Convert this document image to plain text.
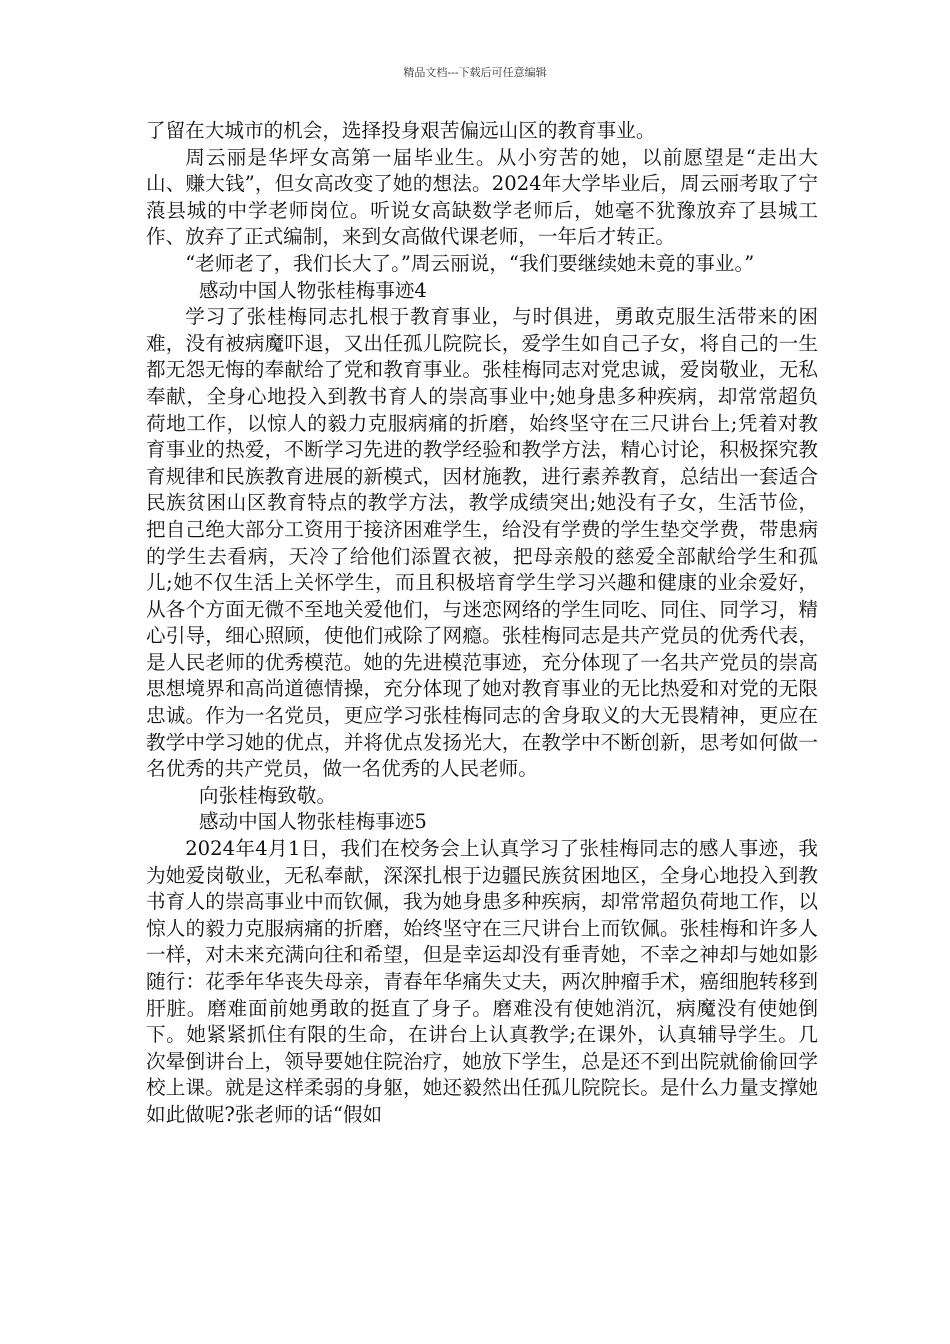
精品文档---下载后可任意编辑

了留在大城市的机会，选择投身艰苦偏远山区的教育事业。

周云丽是华坪女高第一届毕业生。从小穷苦的她，以前愿望是“走出大山、赚大钱”，但女高改变了她的想法。2024年大学毕业后，周云丽考取了宁蒗县城的中学老师岗位。听说女高缺数学老师后，她毫不犹豫放弃了县城工作、放弃了正式编制，来到女高做代课老师，一年后才转正。

“老师老了，我们长大了。”周云丽说，“我们要继续她未竟的事业。”

感动中国人物张桂梅事迹4

学习了张桂梅同志扎根于教育事业，与时俱进，勇敢克服生活带来的困难，没有被病魔吓退，又出任孤儿院院长，爱学生如自己子女，将自己的一生都无怨无悔的奉献给了党和教育事业。张桂梅同志对党忠诚，爱岗敬业，无私奉献，全身心地投入到教书育人的崇高事业中;她身患多种疾病，却常常超负荷地工作，以惊人的毅力克服病痛的折磨，始终坚守在三尺讲台上;凭着对教育事业的热爱，不断学习先进的教学经验和教学方法，精心讨论，积极探究教育规律和民族教育进展的新模式，因材施教，进行素养教育，总结出一套适合民族贫困山区教育特点的教学方法，教学成绩突出;她没有子女，生活节俭，把自己绝大部分工资用于接济困难学生，给没有学费的学生垫交学费，带患病的学生去看病，天冷了给他们添置衣被，把母亲般的慈爱全部献给学生和孤儿;她不仅生活上关怀学生，而且积极培育学生学习兴趣和健康的业余爱好，从各个方面无微不至地关爱他们，与迷恋网络的学生同吃、同住、同学习，精心引导，细心照顾，使他们戒除了网瘾。张桂梅同志是共产党员的优秀代表，是人民老师的优秀模范。她的先进模范事迹，充分体现了一名共产党员的崇高思想境界和高尚道德情操，充分体现了她对教育事业的无比热爱和对党的无限忠诚。作为一名党员，更应学习张桂梅同志的舍身取义的大无畏精神，更应在教学中学习她的优点，并将优点发扬光大，在教学中不断创新，思考如何做一名优秀的共产党员，做一名优秀的人民老师。

向张桂梅致敬。

感动中国人物张桂梅事迹5

2024年4月1日，我们在校务会上认真学习了张桂梅同志的感人事迹，我为她爱岗敬业，无私奉献，深深扎根于边疆民族贫困地区，全身心地投入到教书育人的崇高事业中而钦佩，我为她身患多种疾病，却常常超负荷地工作，以惊人的毅力克服病痛的折磨，始终坚守在三尺讲台上而钦佩。张桂梅和许多人一样，对未来充满向往和希望，但是幸运却没有垂青她，不幸之神却与她如影随行：花季年华丧失母亲，青春年华痛失丈夫，两次肿瘤手术，癌细胞转移到肝脏。磨难面前她勇敢的挺直了身子。磨难没有使她消沉，病魔没有使她倒下。她紧紧抓住有限的生命，在讲台上认真教学;在课外，认真辅导学生。几次晕倒讲台上，领导要她住院治疗，她放下学生，总是还不到出院就偷偷回学校上课。就是这样柔弱的身躯，她还毅然出任孤儿院院长。是什么力量支撑她如此做呢?张老师的话“假如
